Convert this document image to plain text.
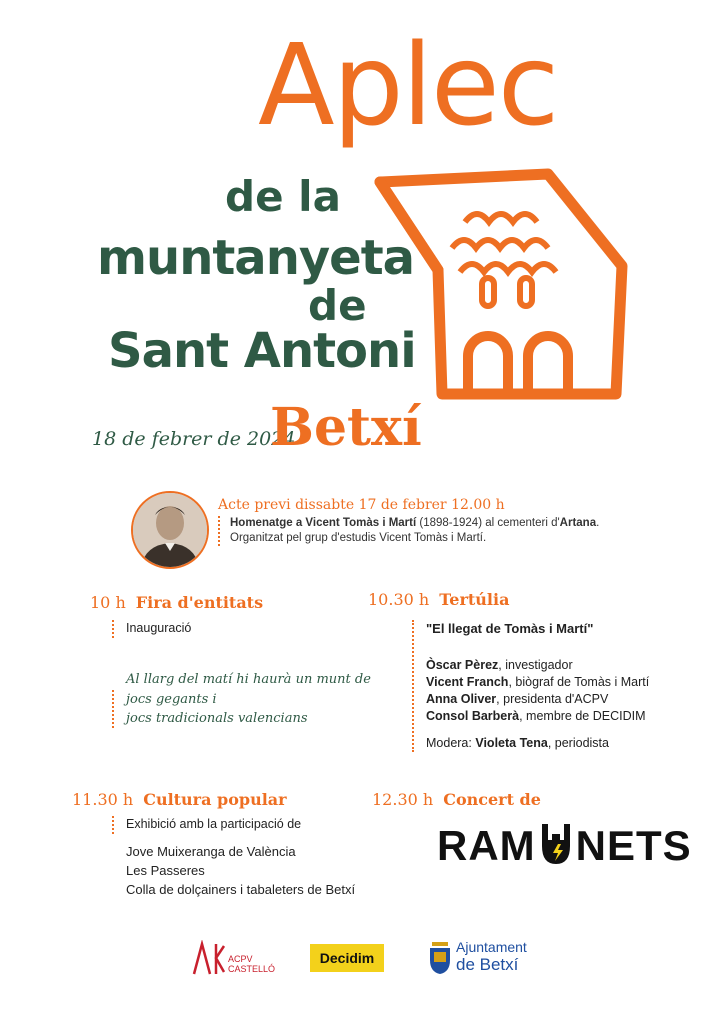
Aplec
de la
muntanyeta
de
Sant Antoni
18 de febrer de 2024
Betxí
Acte previ dissabte 17 de febrer 12.00 h
Homenatge a Vicent Tomàs i Martí (1898-1924) al cementeri d'Artana.
Organitzat pel grup d'estudis Vicent Tomàs i Martí.
10 h Fira d'entitats
Inauguració
Al llarg del matí hi haurà un munt de
jocs gegants i
jocs tradicionals valencians
10.30 h Tertúlia
"El llegat de Tomàs i Martí"
Òscar Pèrez, investigador
Vicent Franch, biògraf de Tomàs i Martí
Anna Oliver, presidenta d'ACPV
Consol Barberà, membre de DECIDIM
Modera: Violeta Tena, periodista
11.30 h Cultura popular
Exhibició amb la participació de
Jove Muixeranga de València
Les Passeres
Colla de dolçainers i tabaleters de Betxí
12.30 h Concert de
RAM NETS
ACPV
CASTELLÓ
Decidim
Ajuntament
de Betxí
